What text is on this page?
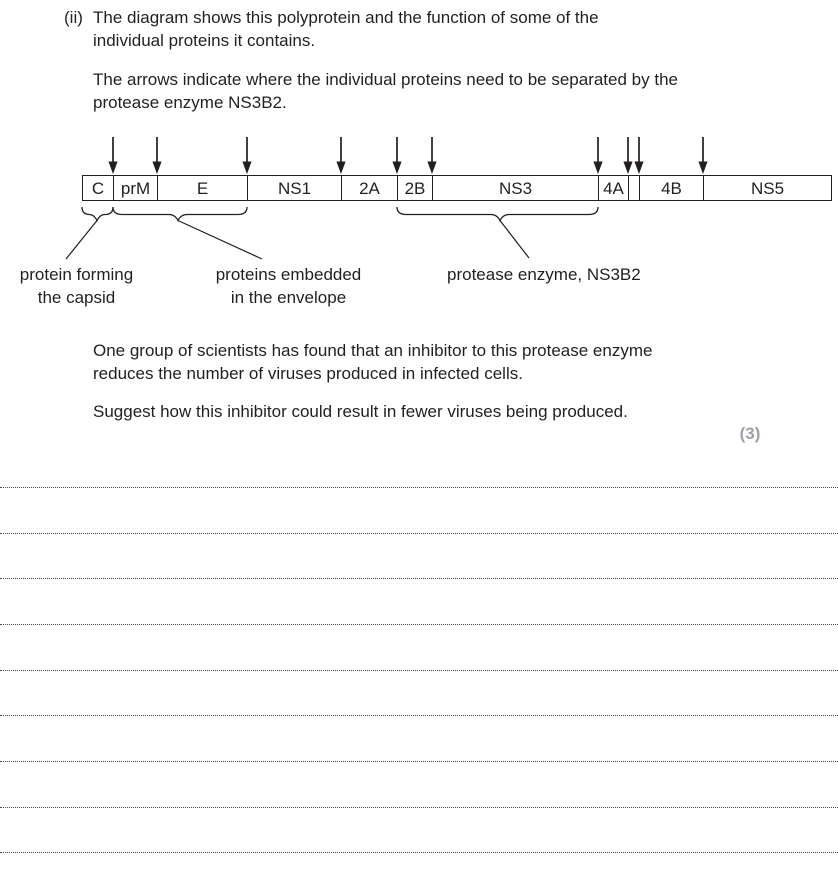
(ii) The diagram shows this polyprotein and the function of some of the
individual proteins it contains.
The arrows indicate where the individual proteins need to be separated by the
protease enzyme NS3B2.
C prM	E	NS1	2A 2B	NS3	4A 4B	NS5
protein forming
the capsid
proteins embedded
in the envelope
protease enzyme, NS3B2
One group of scientists has found that an inhibitor to this protease enzyme
reduces the number of viruses produced in infected cells.
Suggest how this inhibitor could result in fewer viruses being produced.
(3)
